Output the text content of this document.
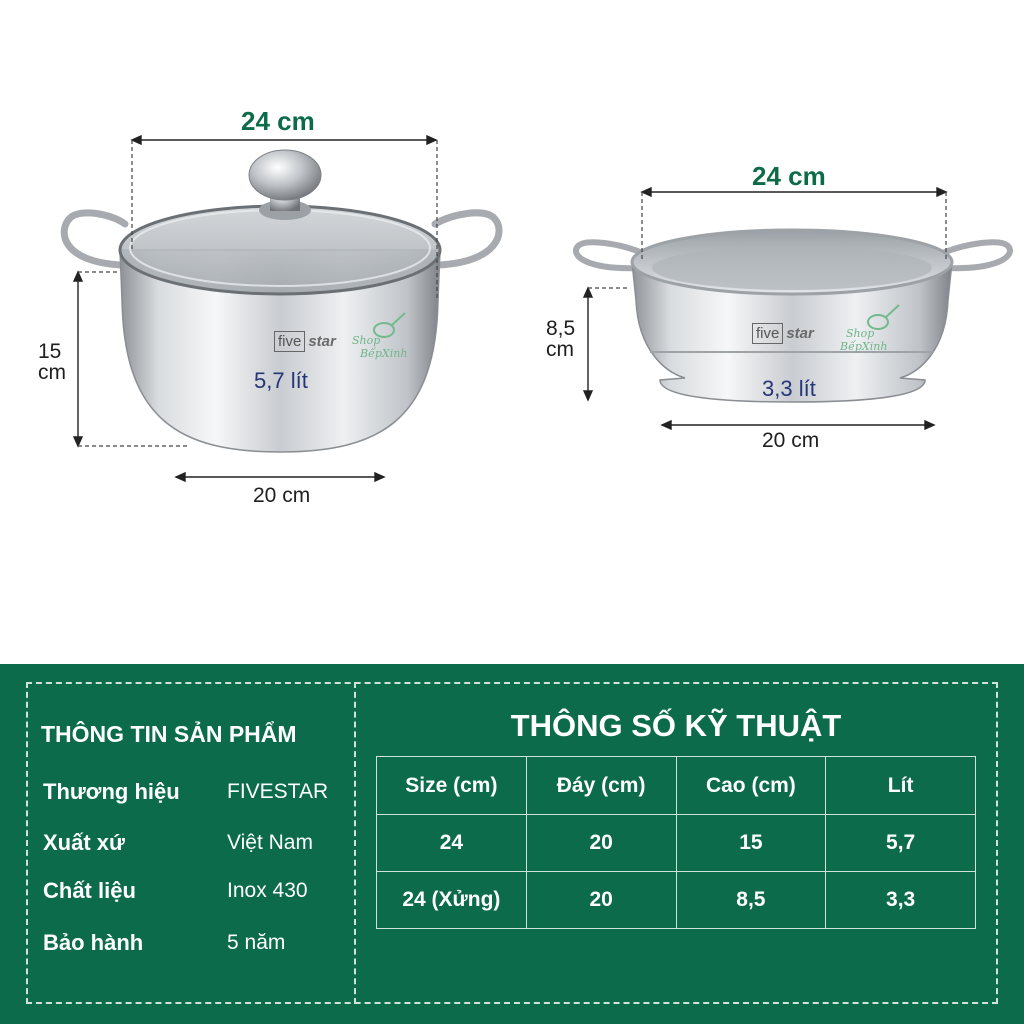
24 cm
15
cm
20 cm
5,7 lít
five star Shop
BếpXinh
24 cm
8,5
cm
20 cm
3,3 lít
five star	Shop
BếpXinh
THÔNG TIN SẢN PHẨM
Thương hiệu FIVESTAR
Xuất xứ	Việt Nam
Chất liệu	Inox 430
Bảo hành	5 năm
THÔNG SỐ KỸ THUẬT
Size (cm)	Đáy (cm)	Cao (cm)	Lít
24	20	15	5,7
24 (Xửng)	20	8,5	3,3
